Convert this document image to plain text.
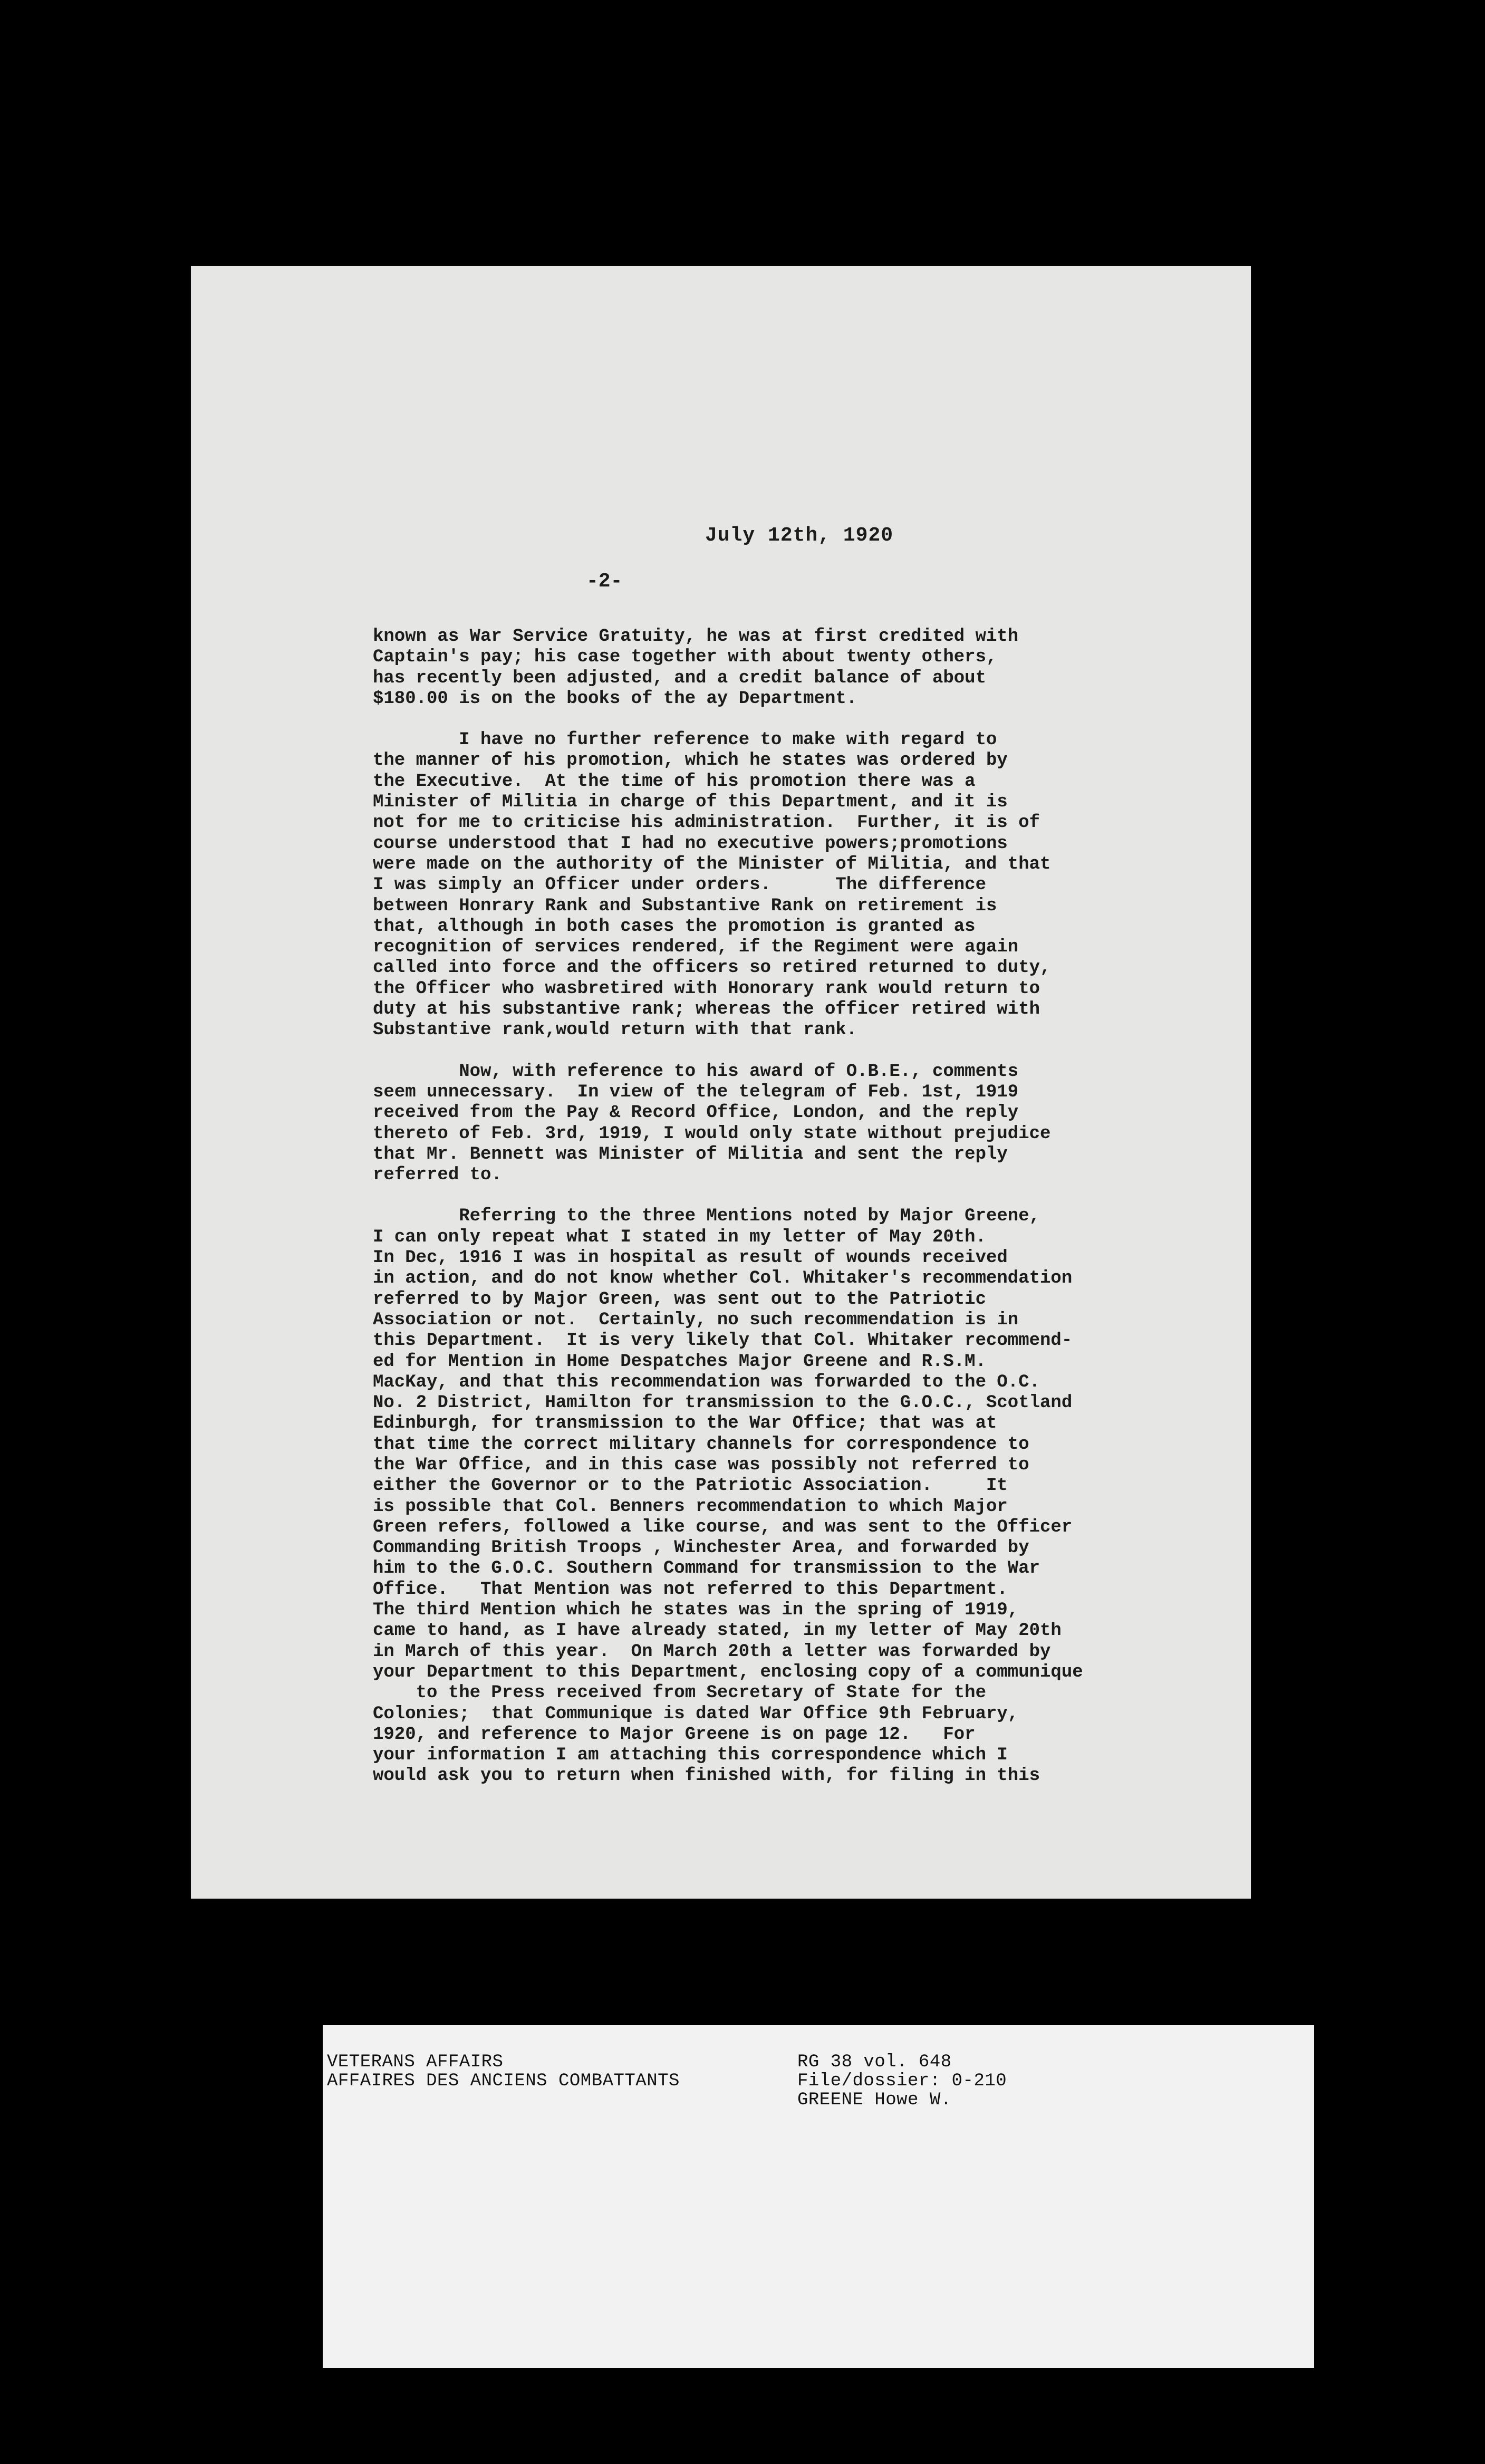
July 12th, 1920
-2-

known as War Service Gratuity, he was at first credited with
Captain's pay; his case together with about twenty others,
has recently been adjusted, and a credit balance of about
$180.00 is on the books of the ay Department.

I have no further reference to make with regard to
the manner of his promotion, which he states was ordered by
the Executive.  At the time of his promotion there was a
Minister of Militia in charge of this Department, and it is
not for me to criticise his administration.  Further, it is of
course understood that I had no executive powers;promotions
were made on the authority of the Minister of Militia, and that
I was simply an Officer under orders.      The difference
between Honrary Rank and Substantive Rank on retirement is
that, although in both cases the promotion is granted as
recognition of services rendered, if the Regiment were again
called into force and the officers so retired returned to duty,
the Officer who wasbretired with Honorary rank would return to
duty at his substantive rank; whereas the officer retired with
Substantive rank,would return with that rank.

Now, with reference to his award of O.B.E., comments
seem unnecessary.  In view of the telegram of Feb. 1st, 1919
received from the Pay & Record Office, London, and the reply
thereto of Feb. 3rd, 1919, I would only state without prejudice
that Mr. Bennett was Minister of Militia and sent the reply
referred to.

Referring to the three Mentions noted by Major Greene,
I can only repeat what I stated in my letter of May 20th.
In Dec, 1916 I was in hospital as result of wounds received
in action, and do not know whether Col. Whitaker's recommendation
referred to by Major Green, was sent out to the Patriotic
Association or not.  Certainly, no such recommendation is in
this Department.  It is very likely that Col. Whitaker recommend-
ed for Mention in Home Despatches Major Greene and R.S.M.
MacKay, and that this recommendation was forwarded to the O.C.
No. 2 District, Hamilton for transmission to the G.O.C., Scotland
Edinburgh, for transmission to the War Office; that was at
that time the correct military channels for correspondence to
the War Office, and in this case was possibly not referred to
either the Governor or to the Patriotic Association.     It
is possible that Col. Benners recommendation to which Major
Green refers, followed a like course, and was sent to the Officer
Commanding British Troops , Winchester Area, and forwarded by
him to the G.O.C. Southern Command for transmission to the War
Office.   That Mention was not referred to this Department.
The third Mention which he states was in the spring of 1919,
came to hand, as I have already stated, in my letter of May 20th
in March of this year.  On March 20th a letter was forwarded by
your Department to this Department, enclosing copy of a communique
to the Press received from Secretary of State for the
Colonies;  that Communique is dated War Office 9th February,
1920, and reference to Major Greene is on page 12.   For
your information I am attaching this correspondence which I
would ask you to return when finished with, for filing in this

VETERANS AFFAIRS
AFFAIRES DES ANCIENS COMBATTANTS
RG 38 vol. 648
File/dossier: 0-210
GREENE Howe W.
